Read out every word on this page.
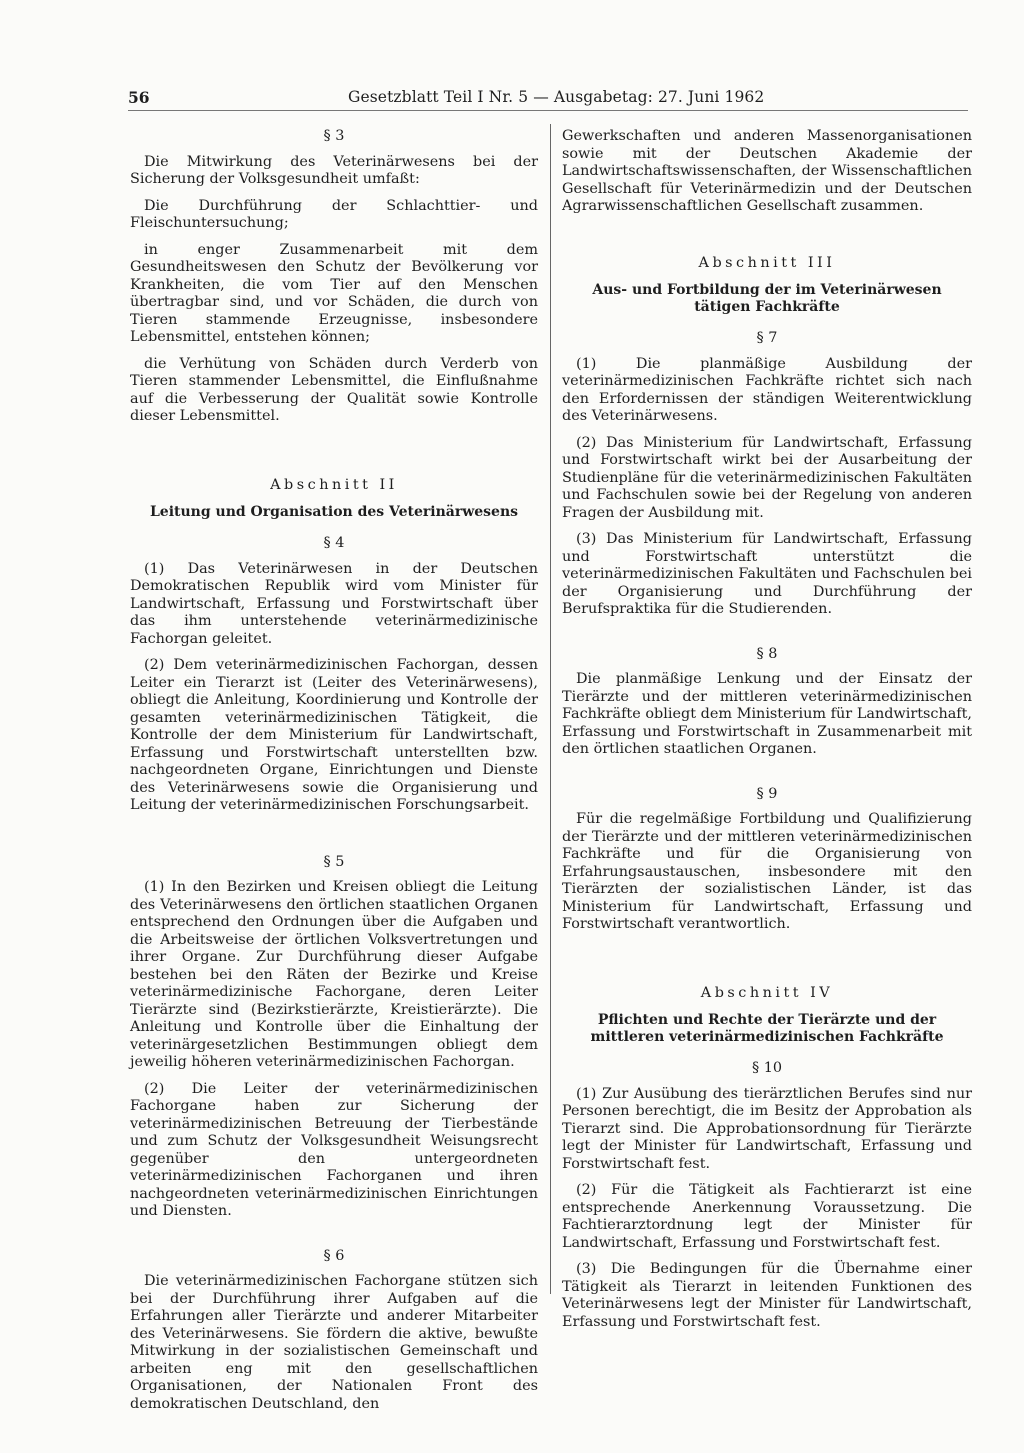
56	Gesetzblatt Teil I Nr. 5 — Ausgabetag: 27. Juni 1962
§ 3

Die Mitwirkung des Veterinärwesens bei der Sicherung der Volksgesundheit umfaßt:

Die Durchführung der Schlachttier- und Fleischuntersuchung;

in enger Zusammenarbeit mit dem Gesundheitswesen den Schutz der Bevölkerung vor Krankheiten, die vom Tier auf den Menschen übertragbar sind, und vor Schäden, die durch von Tieren stammende Erzeugnisse, insbesondere Lebensmittel, entstehen können;

die Verhütung von Schäden durch Verderb von Tieren stammender Lebensmittel, die Einflußnahme auf die Verbesserung der Qualität sowie Kontrolle dieser Lebensmittel.

Abschnitt II
Leitung und Organisation des Veterinärwesens
§ 4

(1) Das Veterinärwesen in der Deutschen Demokratischen Republik wird vom Minister für Landwirtschaft, Erfassung und Forstwirtschaft über das ihm unterstehende veterinärmedizinische Fachorgan geleitet.

(2) Dem veterinärmedizinischen Fachorgan, dessen Leiter ein Tierarzt ist (Leiter des Veterinärwesens), obliegt die Anleitung, Koordinierung und Kontrolle der gesamten veterinärmedizinischen Tätigkeit, die Kontrolle der dem Ministerium für Landwirtschaft, Erfassung und Forstwirtschaft unterstellten bzw. nachgeordneten Organe, Einrichtungen und Dienste des Veterinärwesens sowie die Organisierung und Leitung der veterinärmedizinischen Forschungsarbeit.

§ 5

(1) In den Bezirken und Kreisen obliegt die Leitung des Veterinärwesens den örtlichen staatlichen Organen entsprechend den Ordnungen über die Aufgaben und die Arbeitsweise der örtlichen Volksvertretungen und ihrer Organe. Zur Durchführung dieser Aufgabe bestehen bei den Räten der Bezirke und Kreise veterinärmedizinische Fachorgane, deren Leiter Tierärzte sind (Bezirkstierärzte, Kreistierärzte). Die Anleitung und Kontrolle über die Einhaltung der veterinärgesetzlichen Bestimmungen obliegt dem jeweilig höheren veterinärmedizinischen Fachorgan.

(2) Die Leiter der veterinärmedizinischen Fachorgane haben zur Sicherung der veterinärmedizinischen Betreuung der Tierbestände und zum Schutz der Volksgesundheit Weisungsrecht gegenüber den untergeordneten veterinärmedizinischen Fachorganen und ihren nachgeordneten veterinärmedizinischen Einrichtungen und Diensten.

§ 6

Die veterinärmedizinischen Fachorgane stützen sich bei der Durchführung ihrer Aufgaben auf die Erfahrungen aller Tierärzte und anderer Mitarbeiter des Veterinärwesens. Sie fördern die aktive, bewußte Mitwirkung in der sozialistischen Gemeinschaft und arbeiten eng mit den gesellschaftlichen Organisationen, der Nationalen Front des demokratischen Deutschland, den

Gewerkschaften und anderen Massenorganisationen sowie mit der Deutschen Akademie der Landwirtschaftswissenschaften, der Wissenschaftlichen Gesellschaft für Veterinärmedizin und der Deutschen Agrarwissenschaftlichen Gesellschaft zusammen.

Abschnitt III
Aus- und Fortbildung der im Veterinärwesen tätigen Fachkräfte
§ 7

(1) Die planmäßige Ausbildung der veterinärmedizinischen Fachkräfte richtet sich nach den Erfordernissen der ständigen Weiterentwicklung des Veterinärwesens.

(2) Das Ministerium für Landwirtschaft, Erfassung und Forstwirtschaft wirkt bei der Ausarbeitung der Studienpläne für die veterinärmedizinischen Fakultäten und Fachschulen sowie bei der Regelung von anderen Fragen der Ausbildung mit.

(3) Das Ministerium für Landwirtschaft, Erfassung und Forstwirtschaft unterstützt die veterinärmedizinischen Fakultäten und Fachschulen bei der Organisierung und Durchführung der Berufspraktika für die Studierenden.

§ 8

Die planmäßige Lenkung und der Einsatz der Tierärzte und der mittleren veterinärmedizinischen Fachkräfte obliegt dem Ministerium für Landwirtschaft, Erfassung und Forstwirtschaft in Zusammenarbeit mit den örtlichen staatlichen Organen.

§ 9

Für die regelmäßige Fortbildung und Qualifizierung der Tierärzte und der mittleren veterinärmedizinischen Fachkräfte und für die Organisierung von Erfahrungsaustauschen, insbesondere mit den Tierärzten der sozialistischen Länder, ist das Ministerium für Landwirtschaft, Erfassung und Forstwirtschaft verantwortlich.

Abschnitt IV
Pflichten und Rechte der Tierärzte und der mittleren veterinärmedizinischen Fachkräfte
§ 10

(1) Zur Ausübung des tierärztlichen Berufes sind nur Personen berechtigt, die im Besitz der Approbation als Tierarzt sind. Die Approbationsordnung für Tierärzte legt der Minister für Landwirtschaft, Erfassung und Forstwirtschaft fest.

(2) Für die Tätigkeit als Fachtierarzt ist eine entsprechende Anerkennung Voraussetzung. Die Fachtierarztordnung legt der Minister für Landwirtschaft, Erfassung und Forstwirtschaft fest.

(3) Die Bedingungen für die Übernahme einer Tätigkeit als Tierarzt in leitenden Funktionen des Veterinärwesens legt der Minister für Landwirtschaft, Erfassung und Forstwirtschaft fest.
